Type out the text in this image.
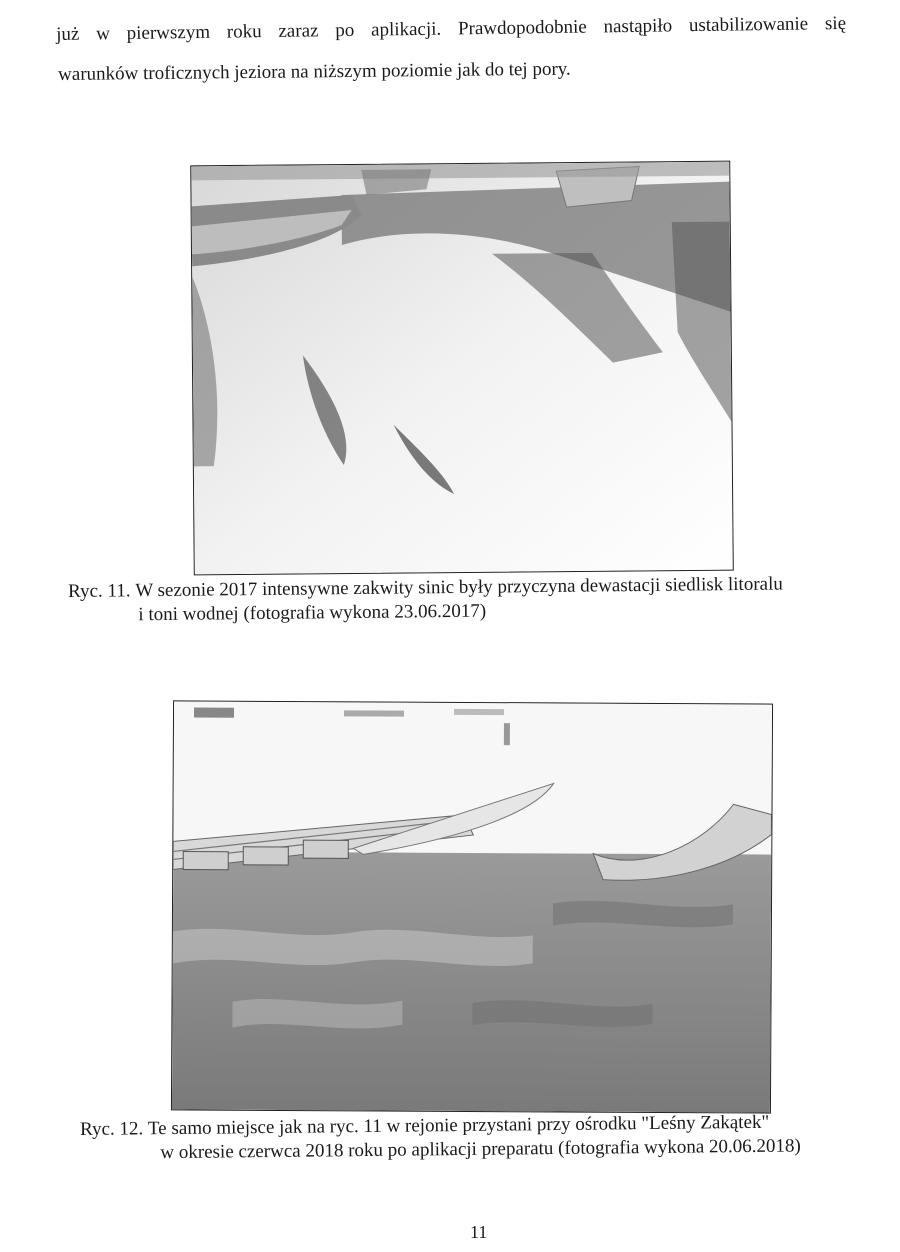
już w pierwszym roku zaraz po aplikacji. Prawdopodobnie nastąpiło ustabilizowanie się
warunków troficznych jeziora na niższym poziomie jak do tej pory.
Ryc. 11. W sezonie 2017 intensywne zakwity sinic były przyczyna dewastacji siedlisk litoralu
i toni wodnej (fotografia wykona 23.06.2017)
Ryc. 12. Te samo miejsce jak na ryc. 11 w rejonie przystani przy ośrodku "Leśny Zakątek"
w okresie czerwca 2018 roku po aplikacji preparatu (fotografia wykona 20.06.2018)
11
